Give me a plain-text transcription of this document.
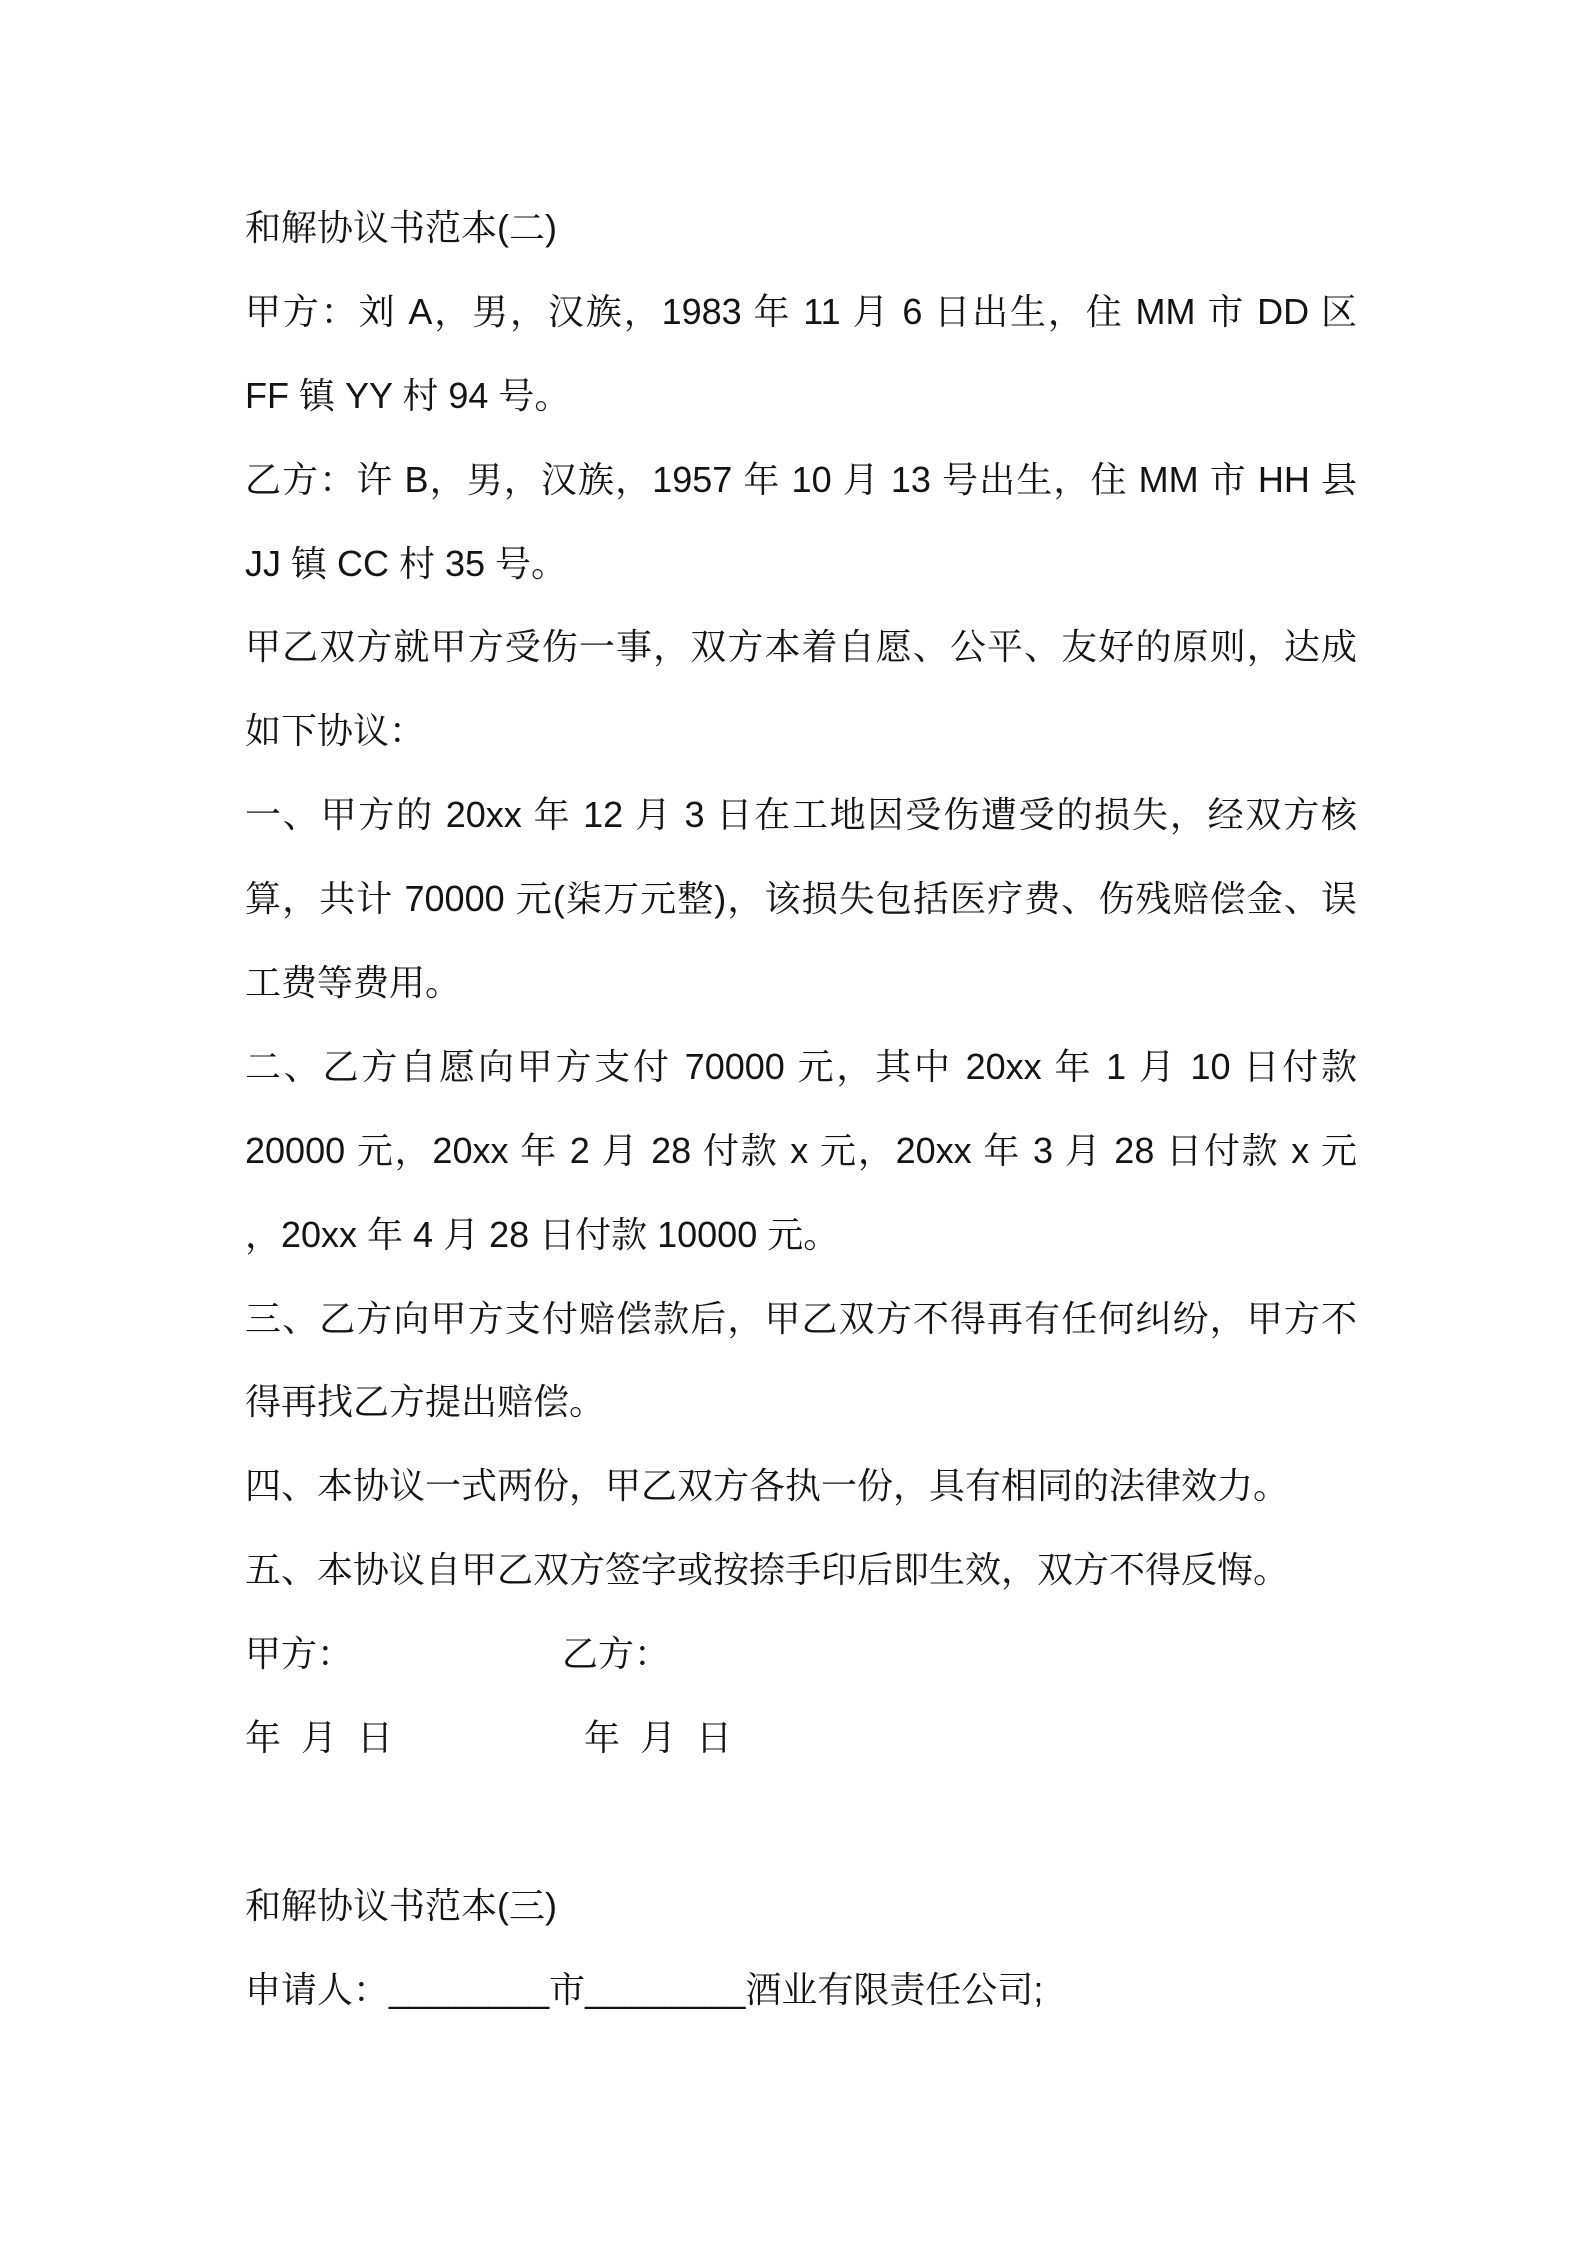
和解协议书范本(二)
甲方：刘 A，男，汉族，1983 年 11 月 6 日出生，住 MM 市 DD 区
FF 镇 YY 村 94 号。
乙方：许 B，男，汉族，1957 年 10 月 13 号出生，住 MM 市 HH 县
JJ 镇 CC 村 35 号。
甲乙双方就甲方受伤一事，双方本着自愿、公平、友好的原则，达成
如下协议：
一、甲方的 20xx 年 12 月 3 日在工地因受伤遭受的损失，经双方核
算，共计 70000 元(柒万元整)，该损失包括医疗费、伤残赔偿金、误
工费等费用。
二、乙方自愿向甲方支付 70000 元，其中 20xx 年 1 月 10 日付款
20000 元，20xx 年 2 月 28 付款 x 元，20xx 年 3 月 28 日付款 x 元
，20xx 年 4 月 28 日付款 10000 元。
三、乙方向甲方支付赔偿款后，甲乙双方不得再有任何纠纷，甲方不
得再找乙方提出赔偿。
四、本协议一式两份，甲乙双方各执一份，具有相同的法律效力。
五、本协议自甲乙双方签字或按捺手印后即生效，双方不得反悔。
甲方：	乙方：
年 月 日	年 月 日
和解协议书范本(三)
申请人：________市________酒业有限责任公司;
